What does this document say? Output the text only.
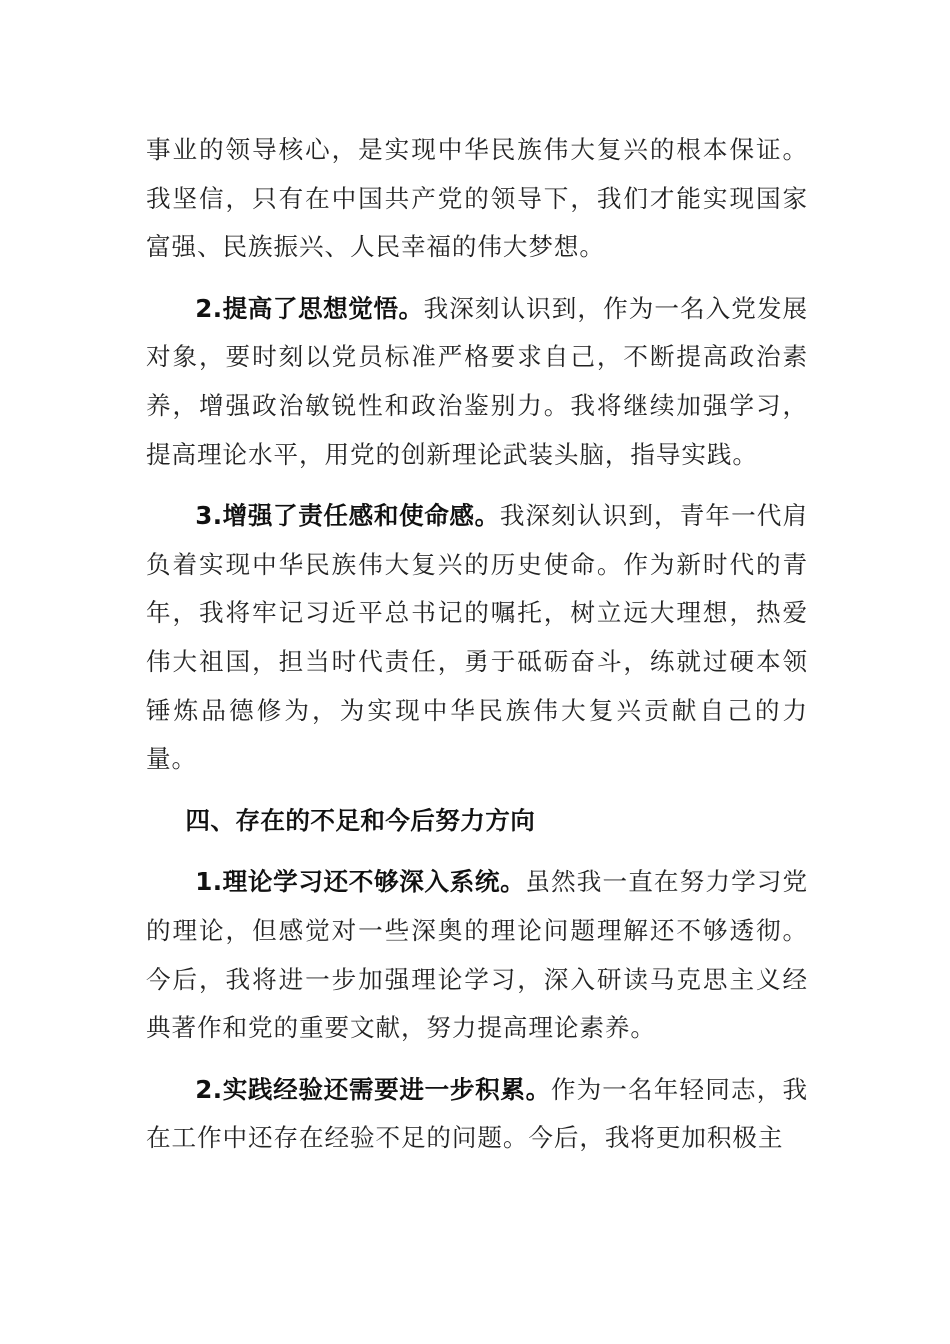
事业的领导核心，是实现中华民族伟大复兴的根本保证。我坚信，只有在中国共产党的领导下，我们才能实现国家富强、民族振兴、人民幸福的伟大梦想。

2.提高了思想觉悟。我深刻认识到，作为一名入党发展对象，要时刻以党员标准严格要求自己，不断提高政治素养，增强政治敏锐性和政治鉴别力。我将继续加强学习，提高理论水平，用党的创新理论武装头脑，指导实践。

3.增强了责任感和使命感。我深刻认识到，青年一代肩负着实现中华民族伟大复兴的历史使命。作为新时代的青年，我将牢记习近平总书记的嘱托，树立远大理想，热爱伟大祖国，担当时代责任，勇于砥砺奋斗，练就过硬本领锤炼品德修为，为实现中华民族伟大复兴贡献自己的力量。

四、存在的不足和今后努力方向

1.理论学习还不够深入系统。虽然我一直在努力学习党的理论，但感觉对一些深奥的理论问题理解还不够透彻。今后，我将进一步加强理论学习，深入研读马克思主义经典著作和党的重要文献，努力提高理论素养。

2.实践经验还需要进一步积累。作为一名年轻同志，我在工作中还存在经验不足的问题。今后，我将更加积极主
